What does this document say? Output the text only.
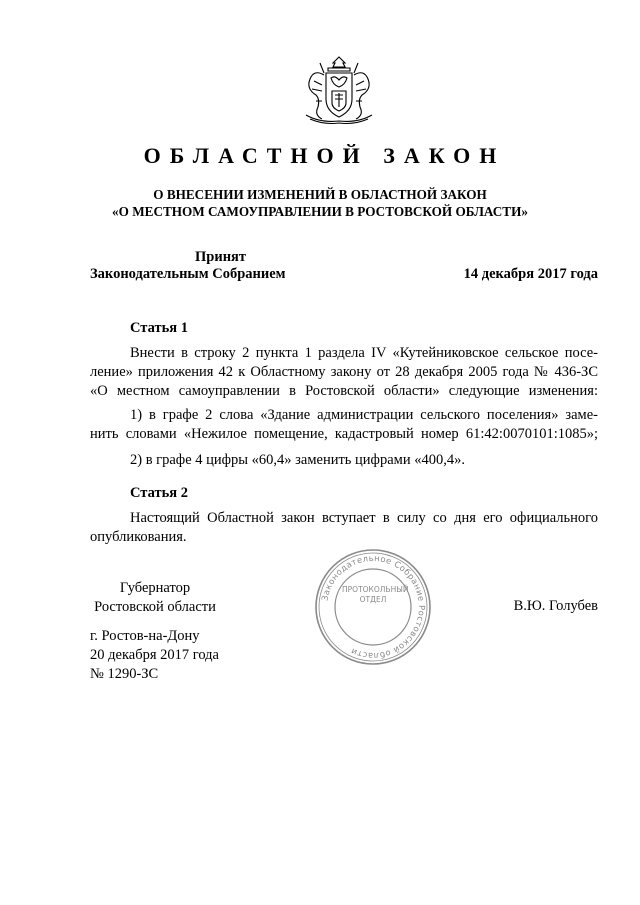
ОБЛАСТНОЙ ЗАКОН
О ВНЕСЕНИИ ИЗМЕНЕНИЙ В ОБЛАСТНОЙ ЗАКОН
«О МЕСТНОМ САМОУПРАВЛЕНИИ В РОСТОВСКОЙ ОБЛАСТИ»
Принят
Законодательным Собранием	14 декабря 2017 года
Статья 1
Внести в строку 2 пункта 1 раздела IV «Кутейниковское сельское посе-
ление» приложения 42 к Областному закону от 28 декабря 2005 года № 436-ЗС
«О местном самоуправлении в Ростовской области» следующие изменения:
1) в графе 2 слова «Здание администрации сельского поселения» заме-
нить словами «Нежилое помещение, кадастровый номер 61:42:0070101:1085»;
2) в графе 4 цифры «60,4» заменить цифрами «400,4».
Статья 2
Настоящий Областной закон вступает в силу со дня его официального
опубликования.
Губернатор
Ростовской области	В.Ю. Голубев
Законодательное Собрание Ростовской области
ПРОТОКОЛЬНЫЙ
ОТДЕЛ
г. Ростов-на-Дону
20 декабря 2017 года
№ 1290-ЗС
